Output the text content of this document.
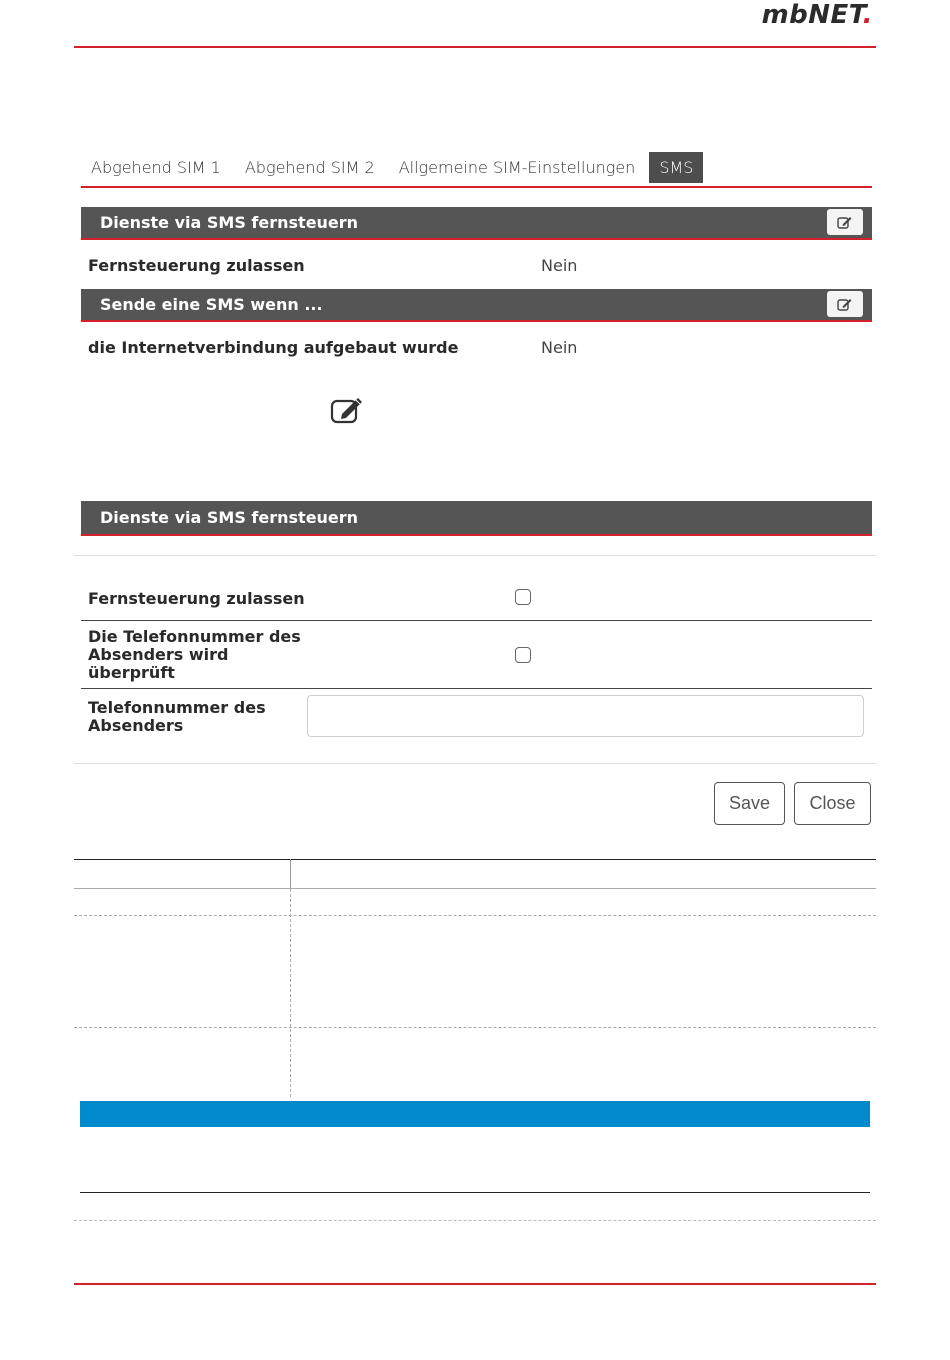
mbNET.
Abgehend SIM 1	Abgehend SIM 2	Allgemeine SIM-Einstellungen	SMS
Dienste via SMS fernsteuern
Fernsteuerung zulassen	Nein
Sende eine SMS wenn ...
die Internetverbindung aufgebaut wurde	Nein
Dienste via SMS fernsteuern
Fernsteuerung zulassen
Die Telefonnummer des
Absenders wird
überprüft
Telefonnummer des
Absenders
Save	Close
